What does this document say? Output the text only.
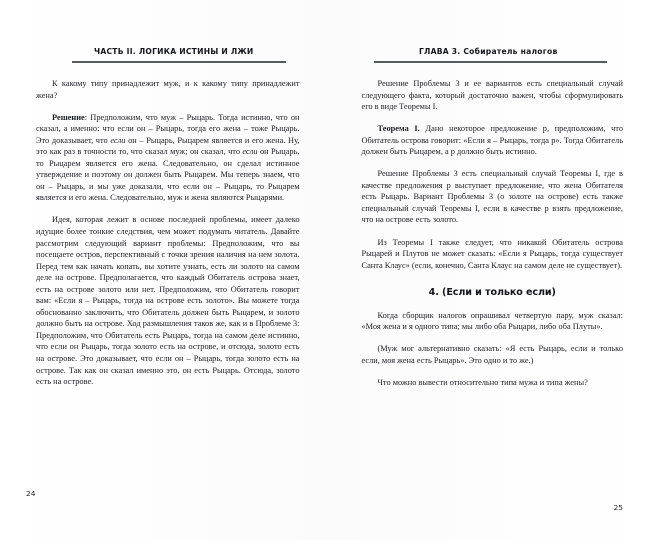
ЧАСТЬ II. ЛОГИКА ИСТИНЫ И ЛЖИ

К какому типу принадлежит муж, и к какому типу принадлежит жена?

Решение: Предположим, что муж – Рыцарь. Тогда истинно, что он сказал, а именно: что если он – Рыцарь, тогда его жена – тоже Рыцарь. Это доказывает, что если он – Рыцарь, Рыцарем является и его жена. Ну, это как раз в точности то, что сказал муж; он сказал, что если он Рыцарь, то Рыцарем является его жена. Следовательно, он сделал истинное утверждение и поэтому он должен быть Рыцарем. Мы теперь знаем, что он – Рыцарь, и мы уже доказали, что если он – Рыцарь, то Рыцарем является и его жена. Следовательно, муж и жена являются Рыцарями.

Идея, которая лежит в основе последней проблемы, имеет далеко идущие более тонкие следствия, чем может подумать читатель. Давайте рассмотрим следующий вариант проблемы: Предположим, что вы посещаете остров, перспективный с точки зрения наличия на нем золота. Перед тем как начать копать, вы хотите узнать, есть ли золото на самом деле на острове. Предполагается, что каждый Обитатель острова знает, есть на острове золото или нет. Предположим, что Обитатель говорит вам: «Если я – Рыцарь, тогда на острове есть золото». Вы можете тогда обоснованно заключить, что Обитатель должен быть Рыцарем, и золото должно быть на острове. Ход размышления таков же, как и в Проблеме 3: Предположим, что Обитатель есть Рыцарь, тогда на самом деле истинно, что если он Рыцарь, тогда золото есть на острове, и отсюда, золото есть на острове. Это доказывает, что если он – Рыцарь, тогда золото есть на острове. Так как он сказал именно это, он есть Рыцарь. Отсюда, золото есть на острове.

24
ГЛАВА 3. Собиратель налогов

Решение Проблемы 3 и ее вариантов есть специальный случай следующего факта, который достаточно важен, чтобы сформулировать его в виде Теоремы I.

Теорема I. Дано некоторое предложение p, предположим, что Обитатель острова говорит: «Если я – Рыцарь, тогда p». Тогда Обитатель должен быть Рыцарем, а p должно быть истинно.

Решение Проблемы 3 есть специальный случай Теоремы I, где в качестве предложения p выступает предложение, что жена Обитателя есть Рыцарь. Вариант Проблемы 3 (о золоте на острове) есть также специальный случай Теоремы I, если в качестве p взять предложение, что на острове есть золото.

Из Теоремы I также следует, что никакой Обитатель острова Рыцарей и Плутов не может сказать: «Если я Рыцарь, тогда существует Санта Клаус» (если, конечно, Санта Клаус на самом деле не существует).

4. (Если и только если)

Когда сборщик налогов опрашивал четвертую пару, муж сказал: «Моя жена и я одного типа; мы либо оба Рыцари, либо оба Плуты».

(Муж мог альтернативно сказать: «Я есть Рыцарь, если и только если, моя жена есть Рыцарь». Это одно и то же.)

Что можно вывести относительно типа мужа и типа жены?

25
